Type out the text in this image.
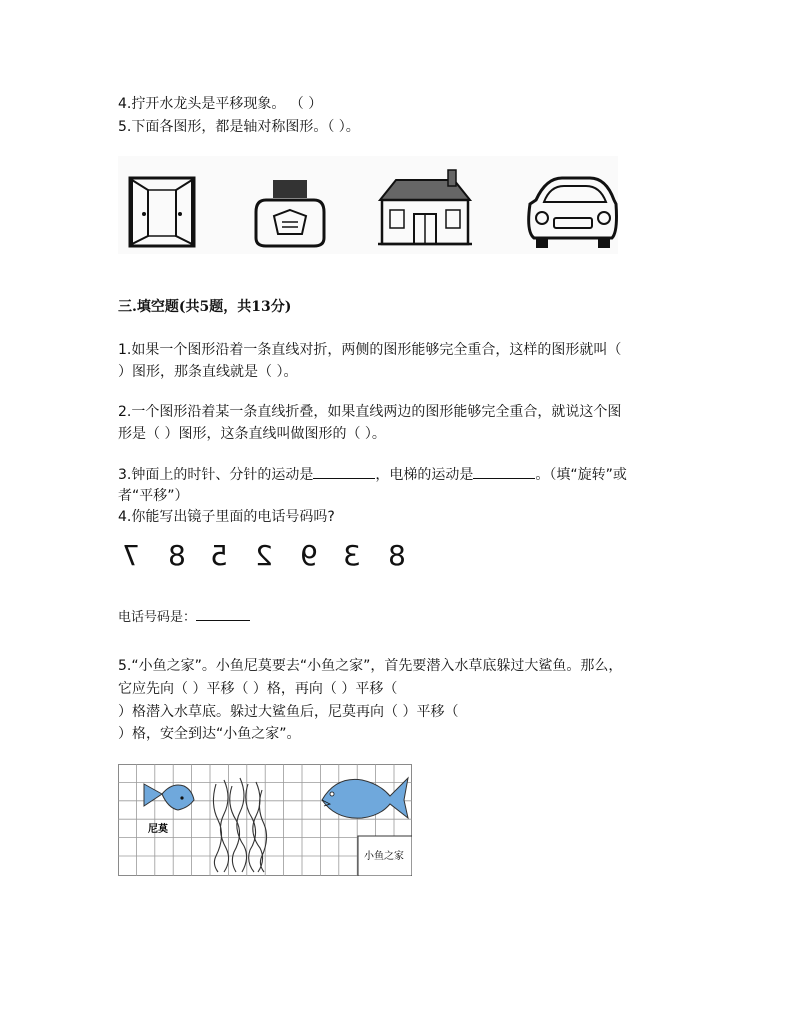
4.拧开水龙头是平移现象。 （ ）
5.下面各图形，都是轴对称图形。（ ）。
三.填空题(共5题，共13分)
1.如果一个图形沿着一条直线对折，两侧的图形能够完全重合，这样的图形就叫（
）图形，那条直线就是（ ）。
2.一个图形沿着某一条直线折叠，如果直线两边的图形能够完全重合，就说这个图
形是（ ）图形，这条直线叫做图形的（ ）。
3.钟面上的时针、分针的运动是	，电梯的运动是	。（填“旋转”或
者“平移”）
4.你能写出镜子里面的电话号码吗?
8
3
9
2
5
8
7
电话号码是：
5.“小鱼之家”。小鱼尼莫要去“小鱼之家”，首先要潜入水草底躲过大鲨鱼。那么，
它应先向（ ）平移（ ）格，再向（ ）平移（
）格潜入水草底。躲过大鲨鱼后，尼莫再向（ ）平移（
）格，安全到达“小鱼之家”。
尼莫
小鱼之家
